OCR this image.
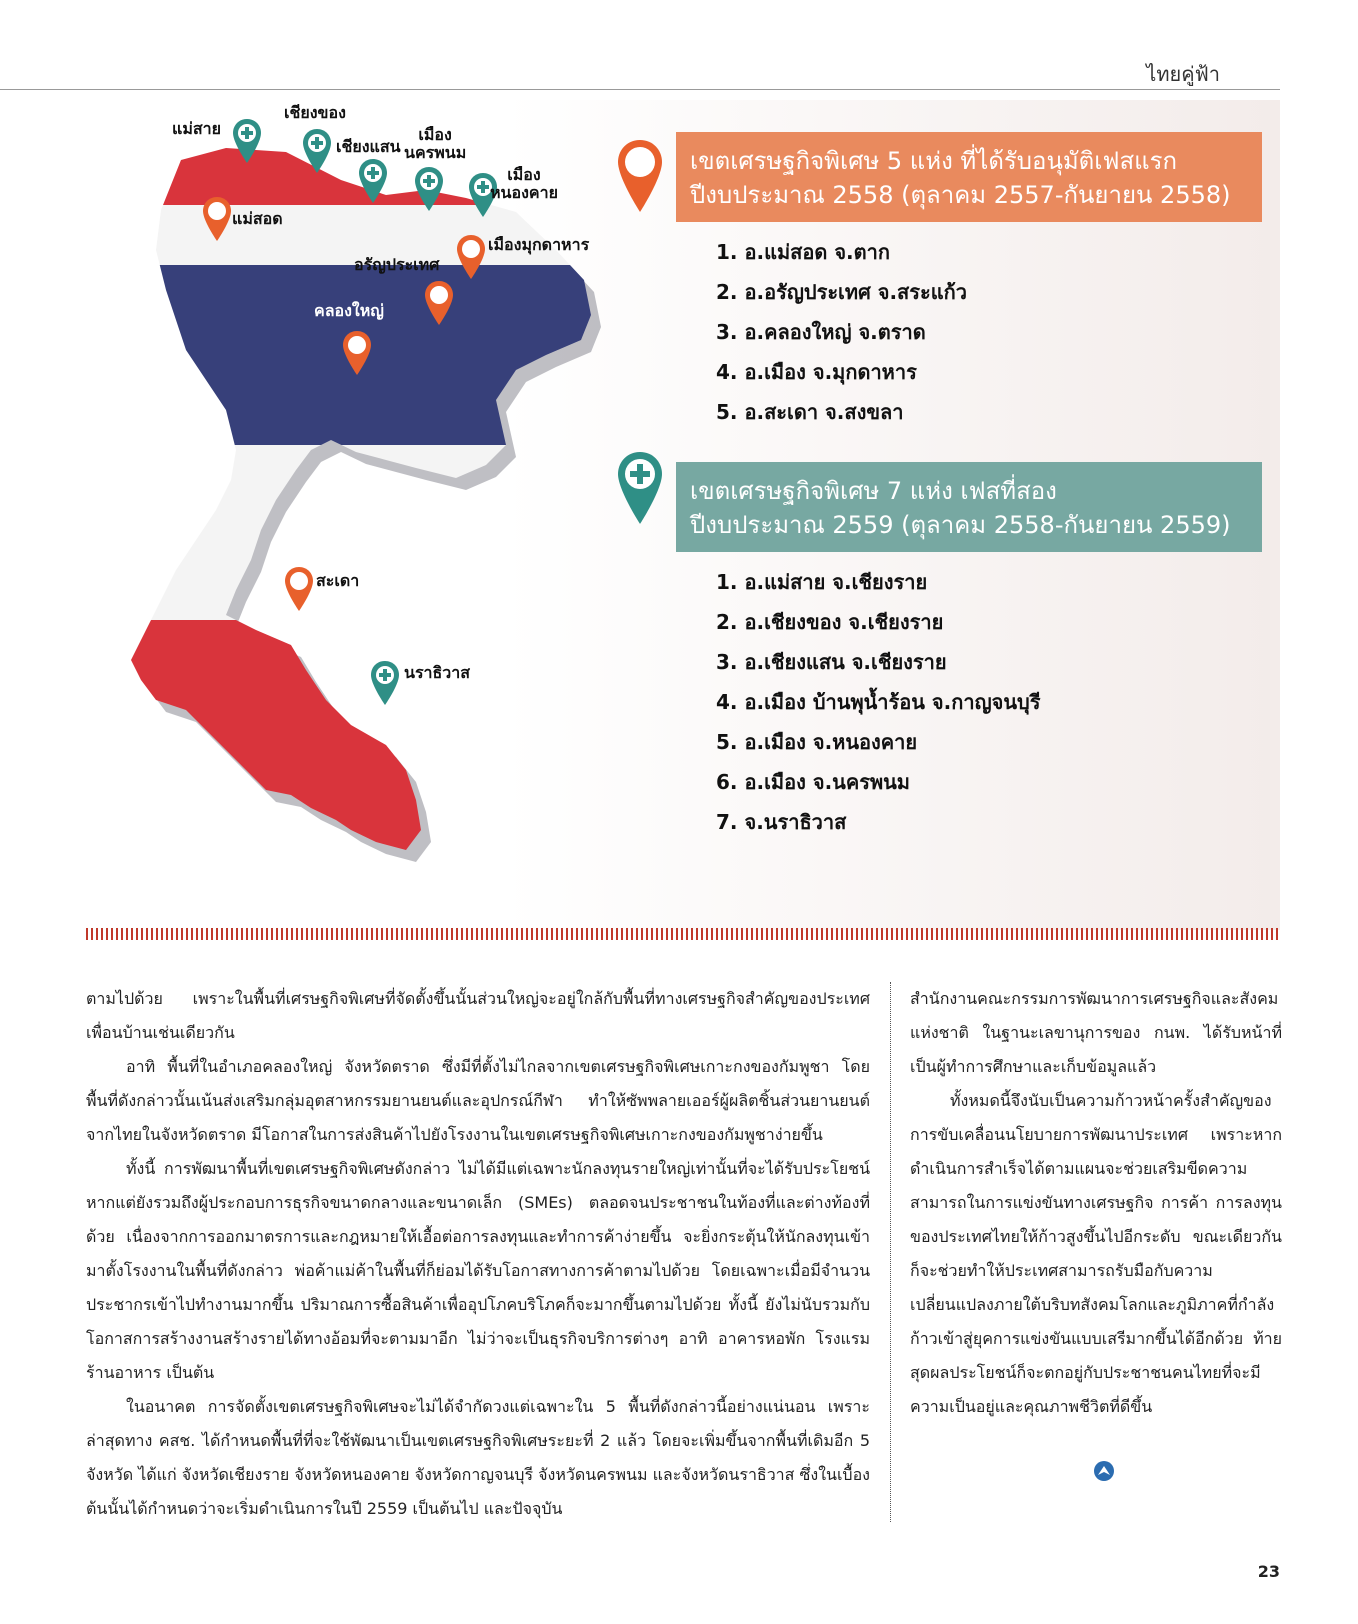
ไทยคู่ฟ้า
แม่สาย
เชียงของ
เชียงแสน
เมือง
นครพนม
เมือง
หนองคาย
แม่สอด
เมืองมุกดาหาร
อรัญประเทศ
คลองใหญ่
สะเดา
นราธิวาส
เขตเศรษฐกิจพิเศษ 5 แห่ง ที่ได้รับอนุมัติเฟสแรก
ปีงบประมาณ 2558 (ตุลาคม 2557-กันยายน 2558)
1. อ.แม่สอด จ.ตาก
2. อ.อรัญประเทศ จ.สระแก้ว
3. อ.คลองใหญ่ จ.ตราด
4. อ.เมือง จ.มุกดาหาร
5. อ.สะเดา จ.สงขลา
เขตเศรษฐกิจพิเศษ 7 แห่ง เฟสที่สอง
ปีงบประมาณ 2559 (ตุลาคม 2558-กันยายน 2559)
1. อ.แม่สาย จ.เชียงราย
2. อ.เชียงของ จ.เชียงราย
3. อ.เชียงแสน จ.เชียงราย
4. อ.เมือง บ้านพุน้ำร้อน จ.กาญจนบุรี
5. อ.เมือง จ.หนองคาย
6. อ.เมือง จ.นครพนม
7. จ.นราธิวาส

ตามไปด้วย เพราะในพื้นที่เศรษฐกิจพิเศษที่จัดตั้งขึ้นนั้นส่วนใหญ่จะอยู่ใกล้กับพื้นที่ทางเศรษฐกิจสำคัญของประเทศเพื่อนบ้านเช่นเดียวกัน

อาทิ พื้นที่ในอำเภอคลองใหญ่ จังหวัดตราด ซึ่งมีที่ตั้งไม่ไกลจากเขตเศรษฐกิจพิเศษเกาะกงของกัมพูชา โดยพื้นที่ดังกล่าวนั้นเน้นส่งเสริมกลุ่มอุตสาหกรรมยานยนต์และอุปกรณ์กีฬา ทำให้ซัพพลายเออร์ผู้ผลิตชิ้นส่วนยานยนต์จากไทยในจังหวัดตราด มีโอกาสในการส่งสินค้าไปยังโรงงานในเขตเศรษฐกิจพิเศษเกาะกงของกัมพูชาง่ายขึ้น

ทั้งนี้ การพัฒนาพื้นที่เขตเศรษฐกิจพิเศษดังกล่าว ไม่ได้มีแต่เฉพาะนักลงทุนรายใหญ่เท่านั้นที่จะได้รับประโยชน์ หากแต่ยังรวมถึงผู้ประกอบการธุรกิจขนาดกลางและขนาดเล็ก (SMEs) ตลอดจนประชาชนในท้องที่และต่างท้องที่ด้วย เนื่องจากการออกมาตรการและกฎหมายให้เอื้อต่อการลงทุนและทำการค้าง่ายขึ้น จะยิ่งกระตุ้นให้นักลงทุนเข้ามาตั้งโรงงานในพื้นที่ดังกล่าว พ่อค้าแม่ค้าในพื้นที่ก็ย่อมได้รับโอกาสทางการค้าตามไปด้วย โดยเฉพาะเมื่อมีจำนวนประชากรเข้าไปทำงานมากขึ้น ปริมาณการซื้อสินค้าเพื่ออุปโภคบริโภคก็จะมากขึ้นตามไปด้วย ทั้งนี้ ยังไม่นับรวมกับโอกาสการสร้างงานสร้างรายได้ทางอ้อมที่จะตามมาอีก ไม่ว่าจะเป็นธุรกิจบริการต่างๆ อาทิ อาคารหอพัก โรงแรม ร้านอาหาร เป็นต้น

ในอนาคต การจัดตั้งเขตเศรษฐกิจพิเศษจะไม่ได้จำกัดวงแต่เฉพาะใน 5 พื้นที่ดังกล่าวนี้อย่างแน่นอน เพราะล่าสุดทาง คสช. ได้กำหนดพื้นที่ที่จะใช้พัฒนาเป็นเขตเศรษฐกิจพิเศษระยะที่ 2 แล้ว โดยจะเพิ่มขึ้นจากพื้นที่เดิมอีก 5 จังหวัด ได้แก่ จังหวัดเชียงราย จังหวัดหนองคาย จังหวัดกาญจนบุรี จังหวัดนครพนม และจังหวัดนราธิวาส ซึ่งในเบื้องต้นนั้นได้กำหนดว่าจะเริ่มดำเนินการในปี 2559 เป็นต้นไป และปัจจุบัน

สำนักงานคณะกรรมการพัฒนาการเศรษฐกิจและสังคมแห่งชาติ ในฐานะเลขานุการของ กนพ. ได้รับหน้าที่เป็นผู้ทำการศึกษาและเก็บข้อมูลแล้ว

ทั้งหมดนี้จึงนับเป็นความก้าวหน้าครั้งสำคัญของการขับเคลื่อนนโยบายการพัฒนาประเทศ เพราะหากดำเนินการสำเร็จได้ตามแผนจะช่วยเสริมขีดความสามารถในการแข่งขันทางเศรษฐกิจ การค้า การลงทุน ของประเทศไทยให้ก้าวสูงขึ้นไปอีกระดับ ขณะเดียวกันก็จะช่วยทำให้ประเทศสามารถรับมือกับความเปลี่ยนแปลงภายใต้บริบทสังคมโลกและภูมิภาคที่กำลังก้าวเข้าสู่ยุคการแข่งขันแบบเสรีมากขึ้นได้อีกด้วย ท้ายสุดผลประโยชน์ก็จะตกอยู่กับประชาชนคนไทยที่จะมีความเป็นอยู่และคุณภาพชีวิตที่ดีขึ้น

23
